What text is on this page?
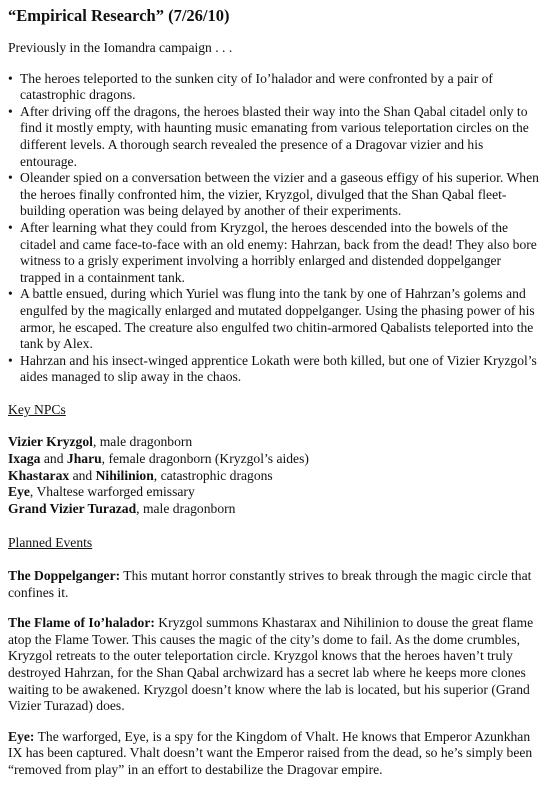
“Empirical Research” (7/26/10)

Previously in the Iomandra campaign . . .

• The heroes teleported to the sunken city of Io’halador and were confronted by a pair of catastrophic dragons.
• After driving off the dragons, the heroes blasted their way into the Shan Qabal citadel only to find it mostly empty, with haunting music emanating from various teleportation circles on the different levels. A thorough search revealed the presence of a Dragovar vizier and his entourage.
• Oleander spied on a conversation between the vizier and a gaseous effigy of his superior. When the heroes finally confronted him, the vizier, Kryzgol, divulged that the Shan Qabal fleet-building operation was being delayed by another of their experiments.
• After learning what they could from Kryzgol, the heroes descended into the bowels of the citadel and came face-to-face with an old enemy: Hahrzan, back from the dead! They also bore witness to a grisly experiment involving a horribly enlarged and distended doppelganger trapped in a containment tank.
• A battle ensued, during which Yuriel was flung into the tank by one of Hahrzan’s golems and engulfed by the magically enlarged and mutated doppelganger. Using the phasing power of his armor, he escaped. The creature also engulfed two chitin-armored Qabalists teleported into the tank by Alex.
• Hahrzan and his insect-winged apprentice Lokath were both killed, but one of Vizier Kryzgol’s aides managed to slip away in the chaos.

Key NPCs

Vizier Kryzgol, male dragonborn
Ixaga and Jharu, female dragonborn (Kryzgol’s aides)
Khastarax and Nihilinion, catastrophic dragons
Eye, Vhaltese warforged emissary
Grand Vizier Turazad, male dragonborn

Planned Events

The Doppelganger: This mutant horror constantly strives to break through the magic circle that confines it.

The Flame of Io’halador: Kryzgol summons Khastarax and Nihilinion to douse the great flame atop the Flame Tower. This causes the magic of the city’s dome to fail. As the dome crumbles, Kryzgol retreats to the outer teleportation circle. Kryzgol knows that the heroes haven’t truly destroyed Hahrzan, for the Shan Qabal archwizard has a secret lab where he keeps more clones waiting to be awakened. Kryzgol doesn’t know where the lab is located, but his superior (Grand Vizier Turazad) does.

Eye: The warforged, Eye, is a spy for the Kingdom of Vhalt. He knows that Emperor Azunkhan IX has been captured. Vhalt doesn’t want the Emperor raised from the dead, so he’s simply been “removed from play” in an effort to destabilize the Dragovar empire.
